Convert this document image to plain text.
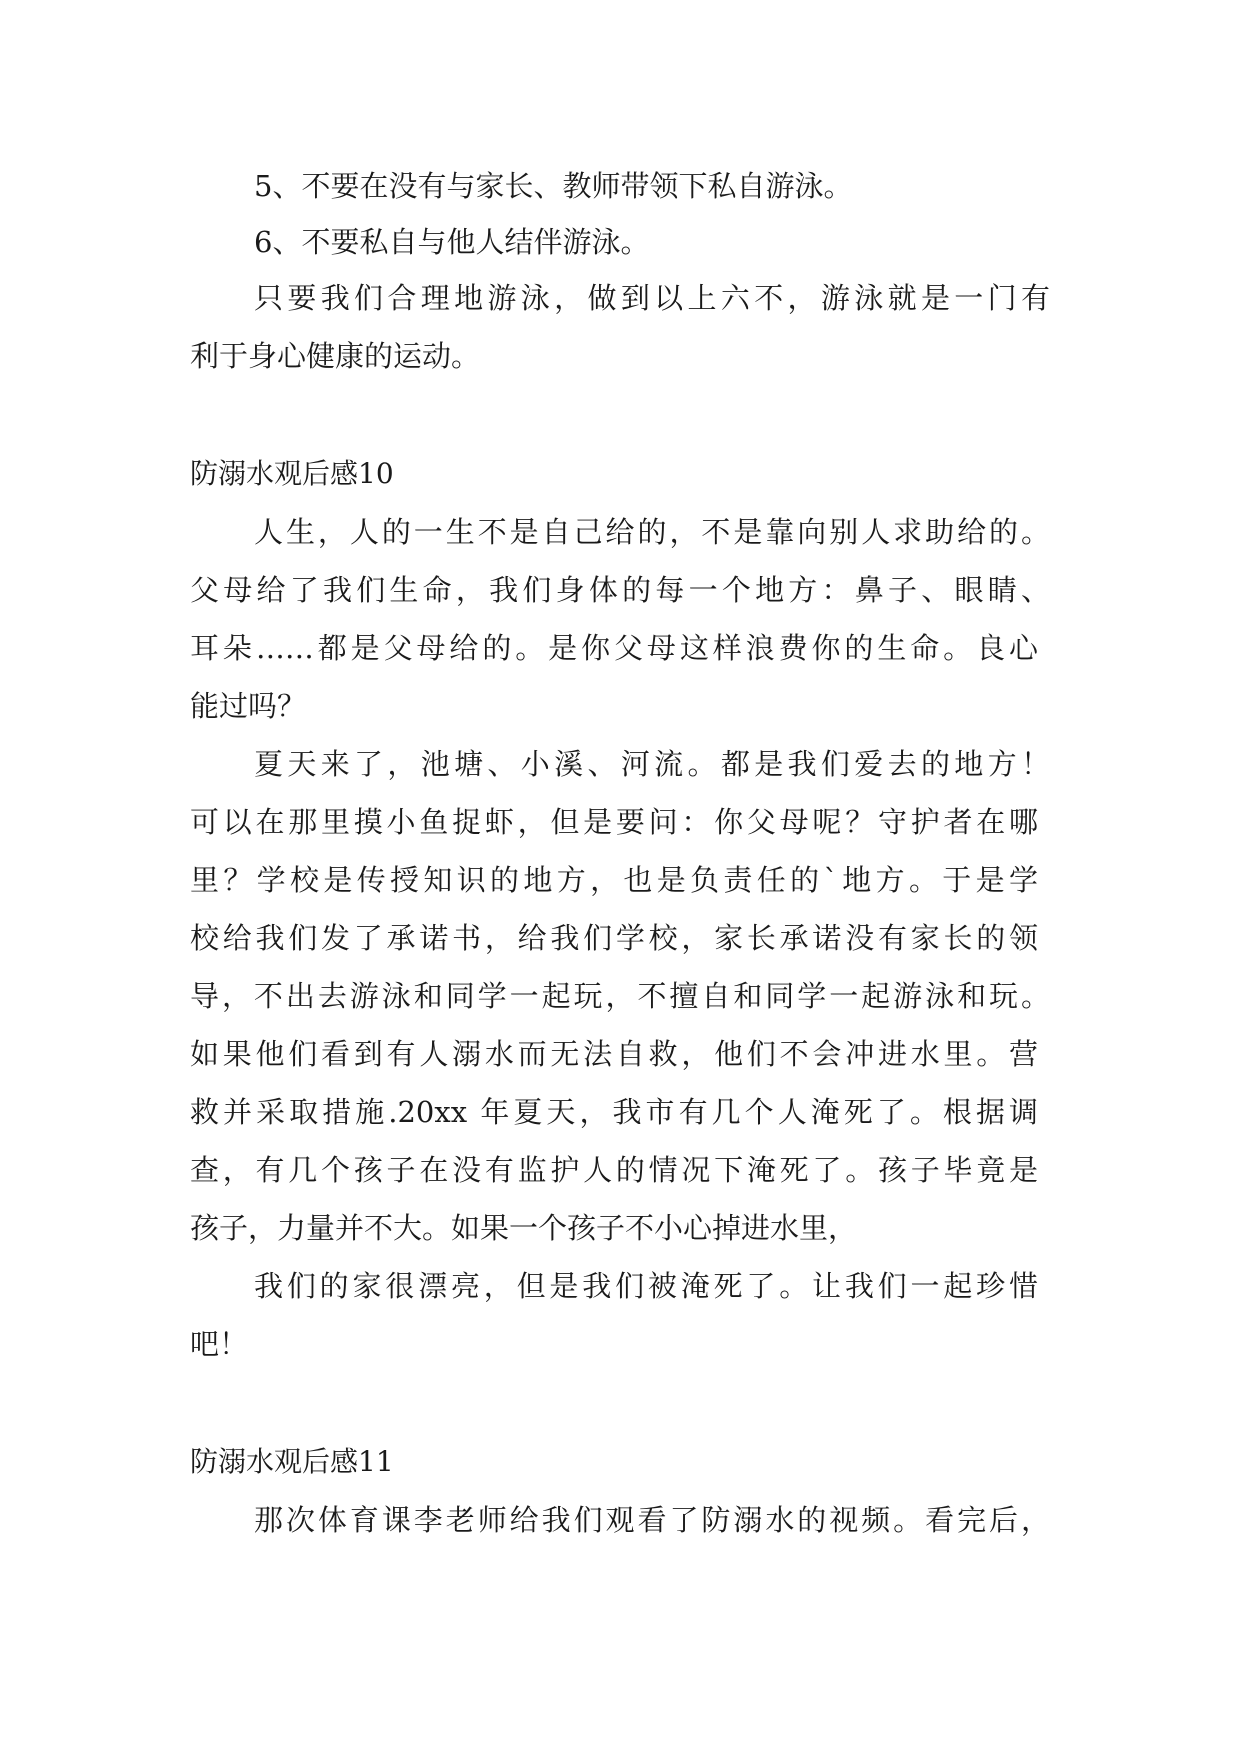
5、不要在没有与家长、教师带领下私自游泳。
6、不要私自与他人结伴游泳。
只要我们合理地游泳，做到以上六不，游泳就是一门有
利于身心健康的运动。
防溺水观后感10
人生，人的一生不是自己给的，不是靠向别人求助给的。
父母给了我们生命，我们身体的每一个地方：鼻子、眼睛、
耳朵……都是父母给的。是你父母这样浪费你的生命。良心
能过吗？
夏天来了，池塘、小溪、河流。都是我们爱去的地方！
可以在那里摸小鱼捉虾，但是要问：你父母呢？守护者在哪
里？学校是传授知识的地方，也是负责任的`地方。于是学
校给我们发了承诺书，给我们学校，家长承诺没有家长的领
导，不出去游泳和同学一起玩，不擅自和同学一起游泳和玩。
如果他们看到有人溺水而无法自救，他们不会冲进水里。营
救并采取措施.20xx 年夏天，我市有几个人淹死了。根据调
查，有几个孩子在没有监护人的情况下淹死了。孩子毕竟是
孩子，力量并不大。如果一个孩子不小心掉进水里，
我们的家很漂亮，但是我们被淹死了。让我们一起珍惜
吧！
防溺水观后感11
那次体育课李老师给我们观看了防溺水的视频。看完后，
